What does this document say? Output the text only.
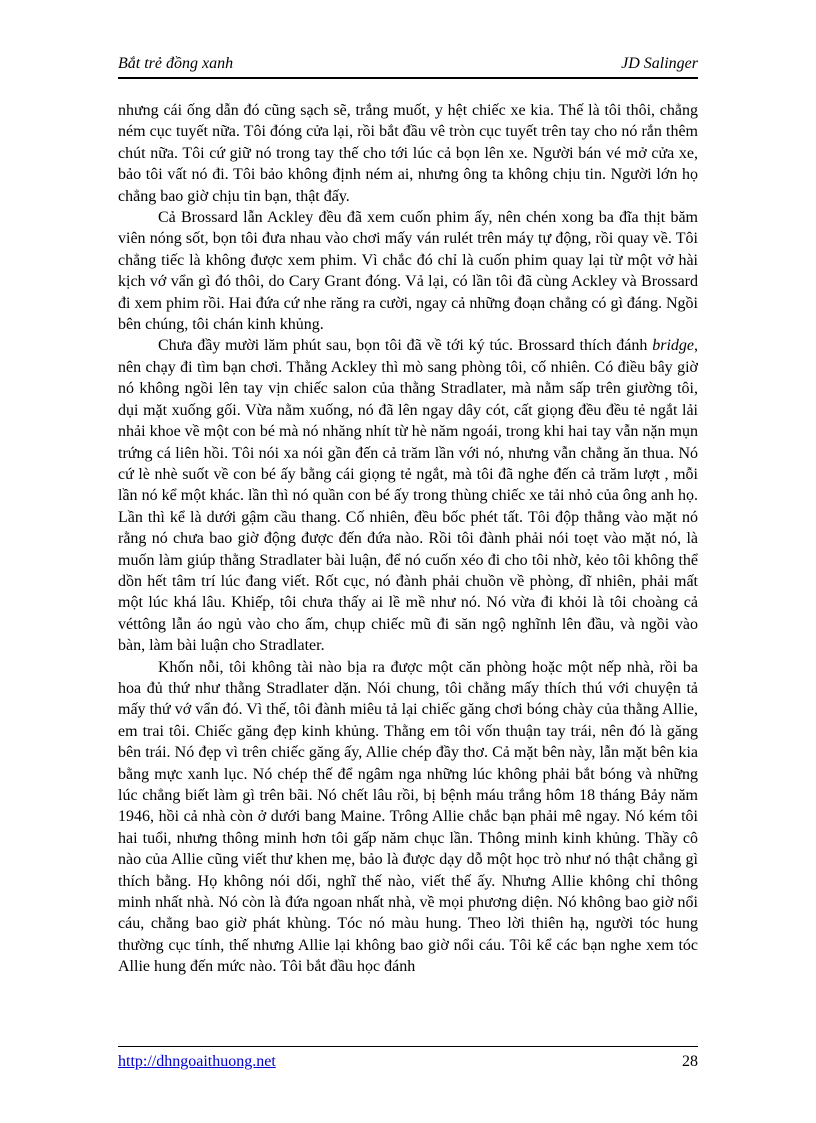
Bắt trẻ đồng xanh	JD Salinger

nhưng cái ống dẫn đó cũng sạch sẽ, trắng muốt, y hệt chiếc xe kia. Thế là tôi thôi, chẳng ném cục tuyết nữa. Tôi đóng cửa lại, rồi bắt đầu vê tròn cục tuyết trên tay cho nó rắn thêm chút nữa. Tôi cứ giữ nó trong tay thế cho tới lúc cả bọn lên xe. Người bán vé mở cửa xe, bảo tôi vất nó đi. Tôi bảo không định ném ai, nhưng ông ta không chịu tin. Người lớn họ chẳng bao giờ chịu tin bạn, thật đấy.

Cả Brossard lẫn Ackley đều đã xem cuốn phim ấy, nên chén xong ba đĩa thịt băm viên nóng sốt, bọn tôi đưa nhau vào chơi mấy ván rulét trên máy tự động, rồi quay về. Tôi chẳng tiếc là không được xem phim. Vì chắc đó chỉ là cuốn phim quay lại từ một vở hài kịch vớ vẩn gì đó thôi, do Cary Grant đóng. Vả lại, có lần tôi đã cùng Ackley và Brossard đi xem phim rồi. Hai đứa cứ nhe răng ra cười, ngay cả những đoạn chẳng có gì đáng. Ngồi bên chúng, tôi chán kinh khủng.

Chưa đầy mười lăm phút sau, bọn tôi đã về tới ký túc. Brossard thích đánh bridge, nên chạy đi tìm bạn chơi. Thằng Ackley thì mò sang phòng tôi, cố nhiên. Có điều bây giờ nó không ngồi lên tay vịn chiếc salon của thằng Stradlater, mà nằm sấp trên giường tôi, dụi mặt xuống gối. Vừa nằm xuống, nó đã lên ngay dây cót, cất giọng đều đều tẻ ngắt lải nhải khoe về một con bé mà nó nhăng nhít từ hè năm ngoái, trong khi hai tay vẫn nặn mụn trứng cá liên hồi. Tôi nói xa nói gần đến cả trăm lần với nó, nhưng vẫn chẳng ăn thua. Nó cứ lè nhè suốt về con bé ấy bằng cái giọng tẻ ngắt, mà tôi đã nghe đến cả trăm lượt , mỗi lần nó kể một khác. lần thì nó quần con bé ấy trong thùng chiếc xe tải nhỏ của ông anh họ. Lần thì kể là dưới gậm cầu thang. Cố nhiên, đều bốc phét tất. Tôi độp thẳng vào mặt nó rằng nó chưa bao giờ động được đến đứa nào. Rồi tôi đành phải nói toẹt vào mặt nó, là muốn làm giúp thằng Stradlater bài luận, để nó cuốn xéo đi cho tôi nhờ, kẻo tôi không thể dồn hết tâm trí lúc đang viết. Rốt cục, nó đành phải chuồn về phòng, dĩ nhiên, phải mất một lúc khá lâu. Khiếp, tôi chưa thấy ai lề mề như nó. Nó vừa đi khỏi là tôi choàng cả véttông lẫn áo ngủ vào cho ấm, chụp chiếc mũ đi săn ngộ nghĩnh lên đầu, và ngồi vào bàn, làm bài luận cho Stradlater.

Khốn nỗi, tôi không tài nào bịa ra được một căn phòng hoặc một nếp nhà, rồi ba hoa đủ thứ như thằng Stradlater dặn. Nói chung, tôi chẳng mấy thích thú với chuyện tả mấy thứ vớ vẩn đó. Vì thế, tôi đành miêu tả lại chiếc găng chơi bóng chày của thằng Allie, em trai tôi. Chiếc găng đẹp kinh khủng. Thằng em tôi vốn thuận tay trái, nên đó là găng bên trái. Nó đẹp vì trên chiếc găng ấy, Allie chép đầy thơ. Cả mặt bên này, lẫn mặt bên kia bằng mực xanh lục. Nó chép thế để ngâm nga những lúc không phải bắt bóng và những lúc chẳng biết làm gì trên bãi. Nó chết lâu rồi, bị bệnh máu trắng hôm 18 tháng Bảy năm 1946, hồi cả nhà còn ở dưới bang Maine. Trông Allie chắc bạn phải mê ngay. Nó kém tôi hai tuổi, nhưng thông minh hơn tôi gấp năm chục lần. Thông minh kinh khủng. Thầy cô nào của Allie cũng viết thư khen mẹ, bảo là được dạy dỗ một học trò như nó thật chẳng gì thích bằng. Họ không nói dối, nghĩ thế nào, viết thế ấy. Nhưng Allie không chỉ thông minh nhất nhà. Nó còn là đứa ngoan nhất nhà, về mọi phương diện. Nó không bao giờ nổi cáu, chẳng bao giờ phát khùng. Tóc nó màu hung. Theo lời thiên hạ, người tóc hung thường cục tính, thế nhưng Allie lại không bao giờ nổi cáu. Tôi kể các bạn nghe xem tóc Allie hung đến mức nào. Tôi bắt đầu học đánh

http://dhngoaithuong.net	28
